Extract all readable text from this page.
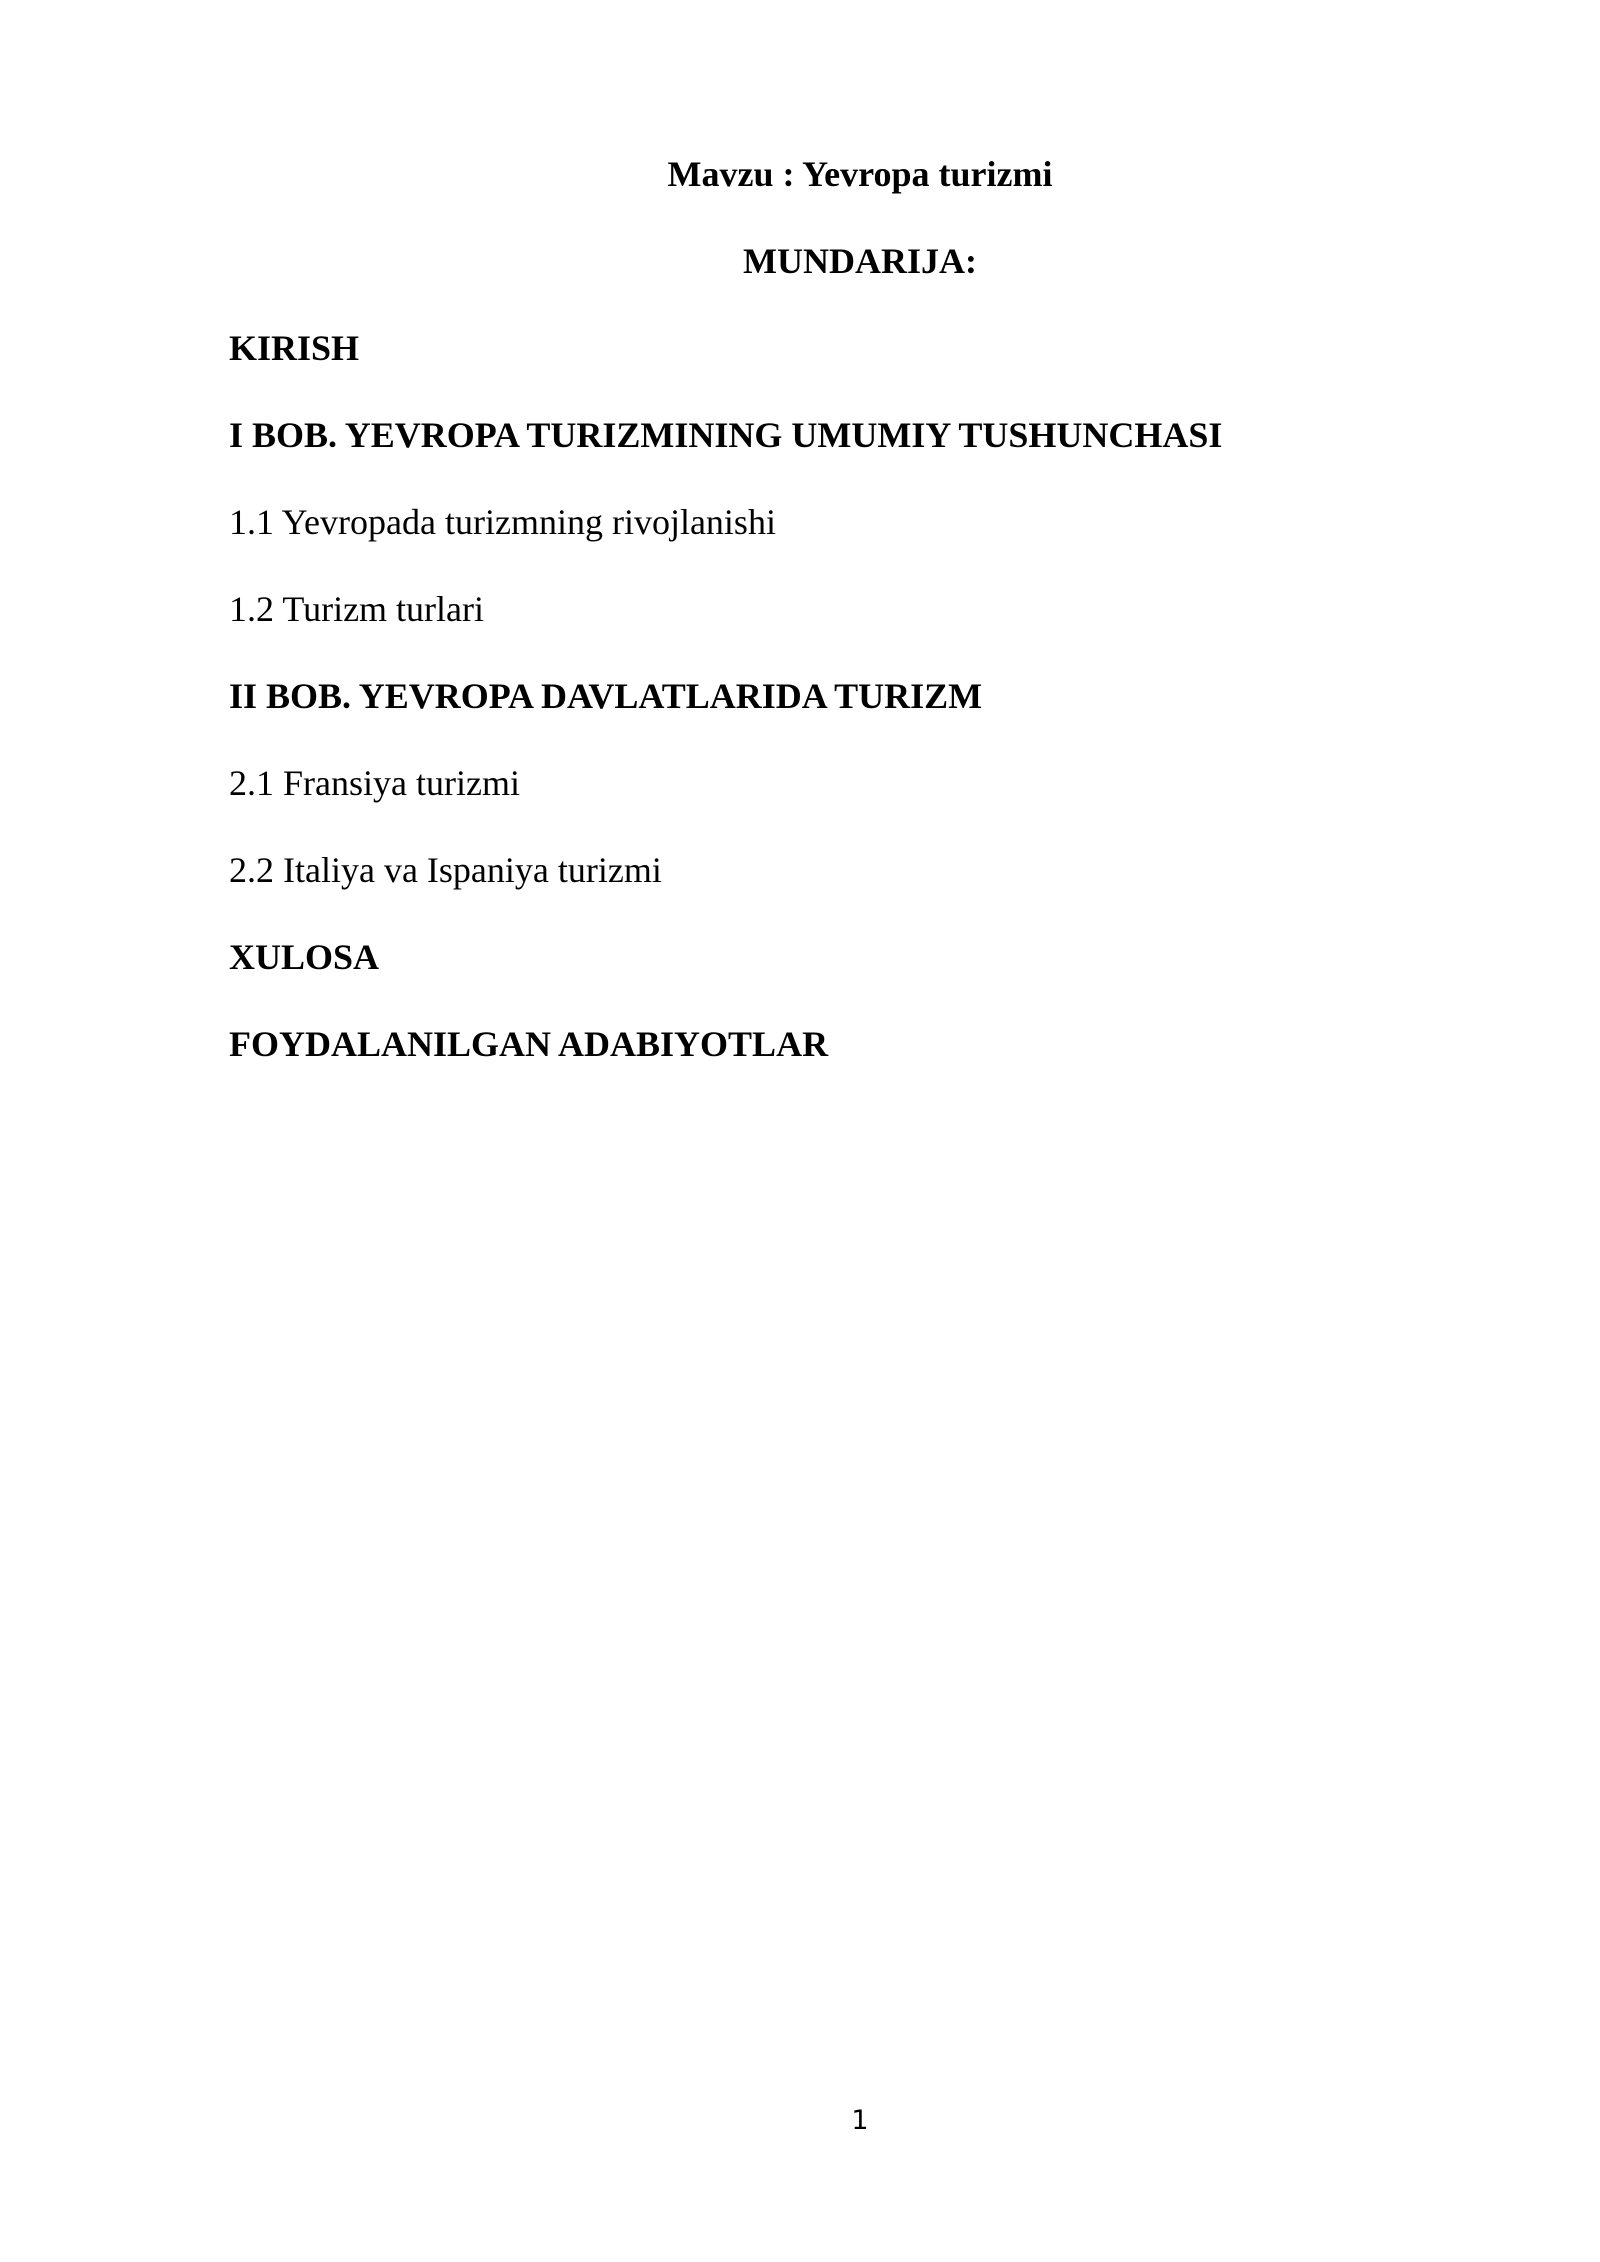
Mavzu : Yevropa turizmi
MUNDARIJA:
KIRISH
I BOB. YEVROPA TURIZMINING UMUMIY TUSHUNCHASI
1.1 Yevropada turizmning rivojlanishi
1.2 Turizm turlari
II BOB. YEVROPA DAVLATLARIDA TURIZM
2.1 Fransiya turizmi
2.2 Italiya va Ispaniya turizmi
XULOSA
FOYDALANILGAN ADABIYOTLAR
1
